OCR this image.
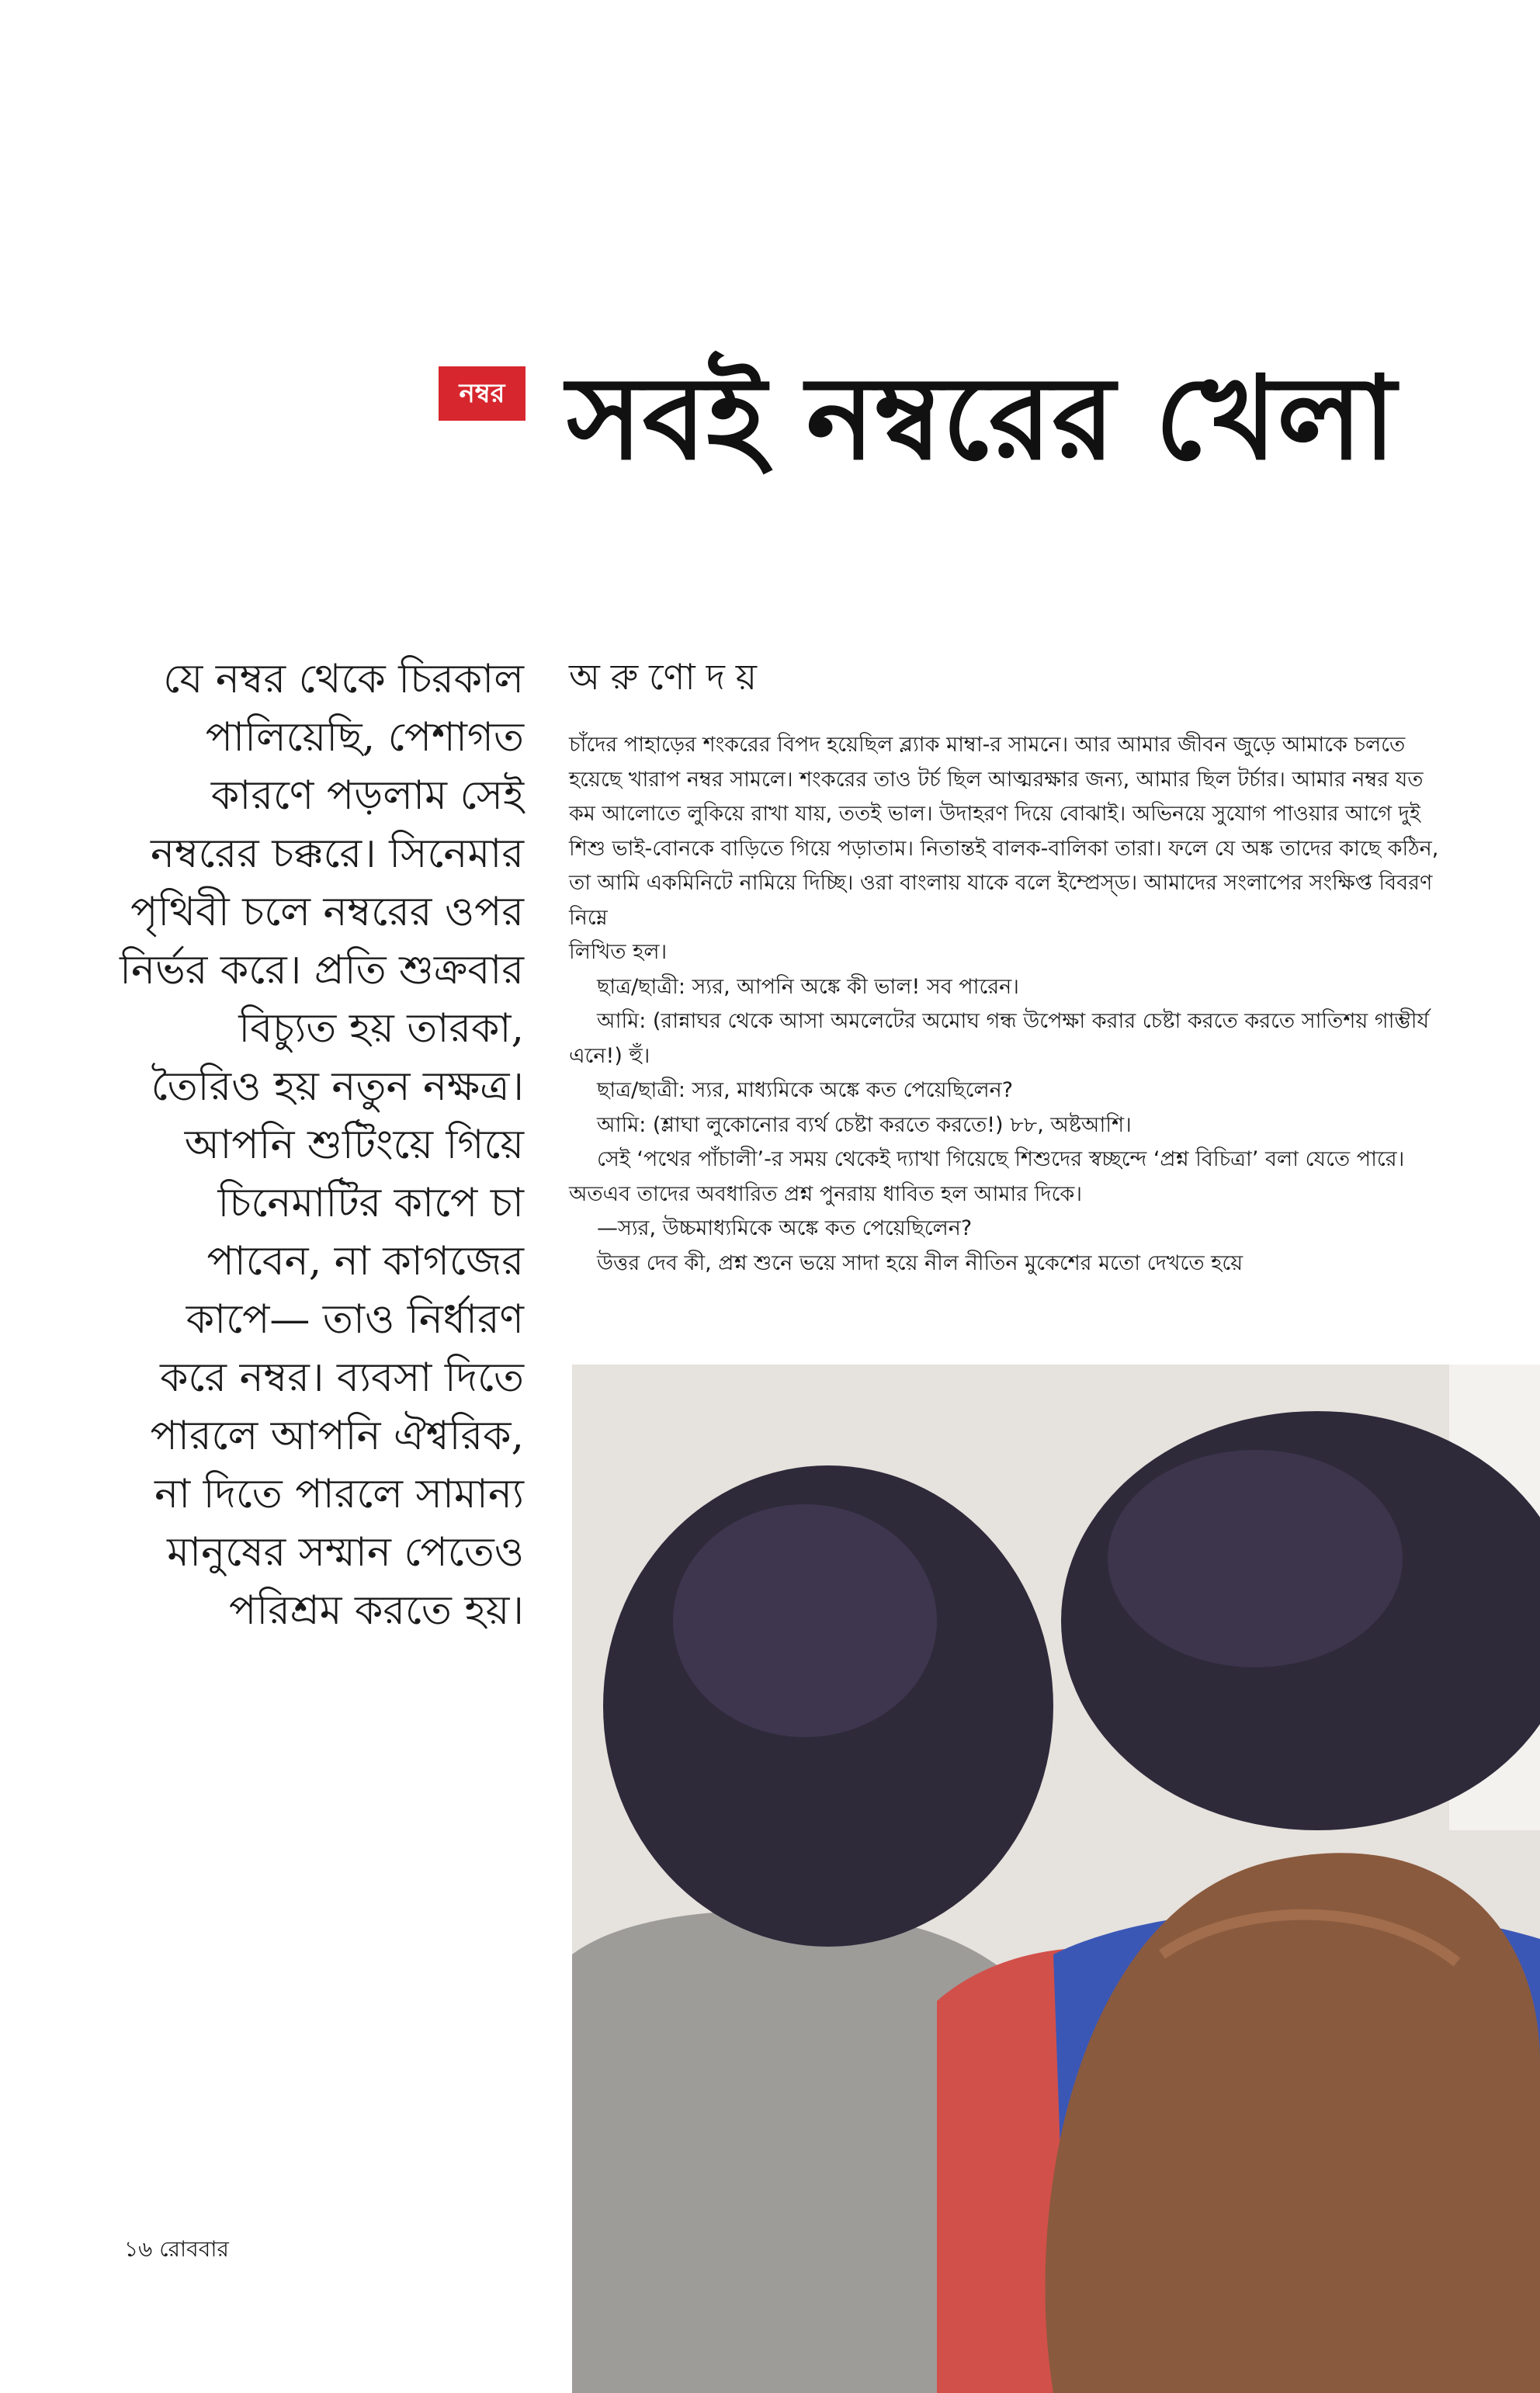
নম্বর সবই নম্বরের খেলা

যে নম্বর থেকে চিরকাল পালিয়েছি, পেশাগত কারণে পড়লাম সেই নম্বরের চক্করে। সিনেমার পৃথিবী চলে নম্বরের ওপর নির্ভর করে। প্রতি শুক্রবার বিচ্যুত হয় তারকা, তৈরিও হয় নতুন নক্ষত্র। আপনি শুটিংয়ে গিয়ে চিনেমাটির কাপে চা পাবেন, না কাগজের কাপে— তাও নির্ধারণ করে নম্বর। ব্যবসা দিতে পারলে আপনি ঐশ্বরিক, না দিতে পারলে সামান্য মানুষের সম্মান পেতেও পরিশ্রম করতে হয়।

অরুণোদয়

চাঁদের পাহাড়ের শংকরের বিপদ হয়েছিল ব্ল্যাক মাম্বা-র সামনে। আর আমার জীবন জুড়ে আমাকে চলতে হয়েছে খারাপ নম্বর সামলে। শংকরের তাও টর্চ ছিল আত্মরক্ষার জন্য, আমার ছিল টর্চার। আমার নম্বর যত কম আলোতে লুকিয়ে রাখা যায়, ততই ভাল। উদাহরণ দিয়ে বোঝাই। অভিনয়ে সুযোগ পাওয়ার আগে দুই শিশু ভাই-বোনকে বাড়িতে গিয়ে পড়াতাম। নিতান্তই বালক-বালিকা তারা। ফলে যে অঙ্ক তাদের কাছে কঠিন, তা আমি একমিনিটে নামিয়ে দিচ্ছি। ওরা বাংলায় যাকে বলে ইম্প্রেস্‌ড। আমাদের সংলাপের সংক্ষিপ্ত বিবরণ নিম্নে

লিখিত হল।

ছাত্র/ছাত্রী: স্যর, আপনি অঙ্কে কী ভাল! সব পারেন।

আমি: (রান্নাঘর থেকে আসা অমলেটের অমোঘ গন্ধ উপেক্ষা করার চেষ্টা করতে করতে সাতিশয় গাম্ভীর্য এনে!) হুঁ।

ছাত্র/ছাত্রী: স্যর, মাধ্যমিকে অঙ্কে কত পেয়েছিলেন?

আমি: (শ্লাঘা লুকোনোর ব্যর্থ চেষ্টা করতে করতে!) ৮৮, অষ্টআশি।

সেই ‘পথের পাঁচালী’-র সময় থেকেই দ্যাখা গিয়েছে শিশুদের স্বচ্ছন্দে ‘প্রশ্ন বিচিত্রা’ বলা যেতে পারে। অতএব তাদের অবধারিত প্রশ্ন পুনরায় ধাবিত হল আমার দিকে।

—স্যর, উচ্চমাধ্যমিকে অঙ্কে কত পেয়েছিলেন?

উত্তর দেব কী, প্রশ্ন শুনে ভয়ে সাদা হয়ে নীল নীতিন মুকেশের মতো দেখতে হয়ে

১৬ রোববার
